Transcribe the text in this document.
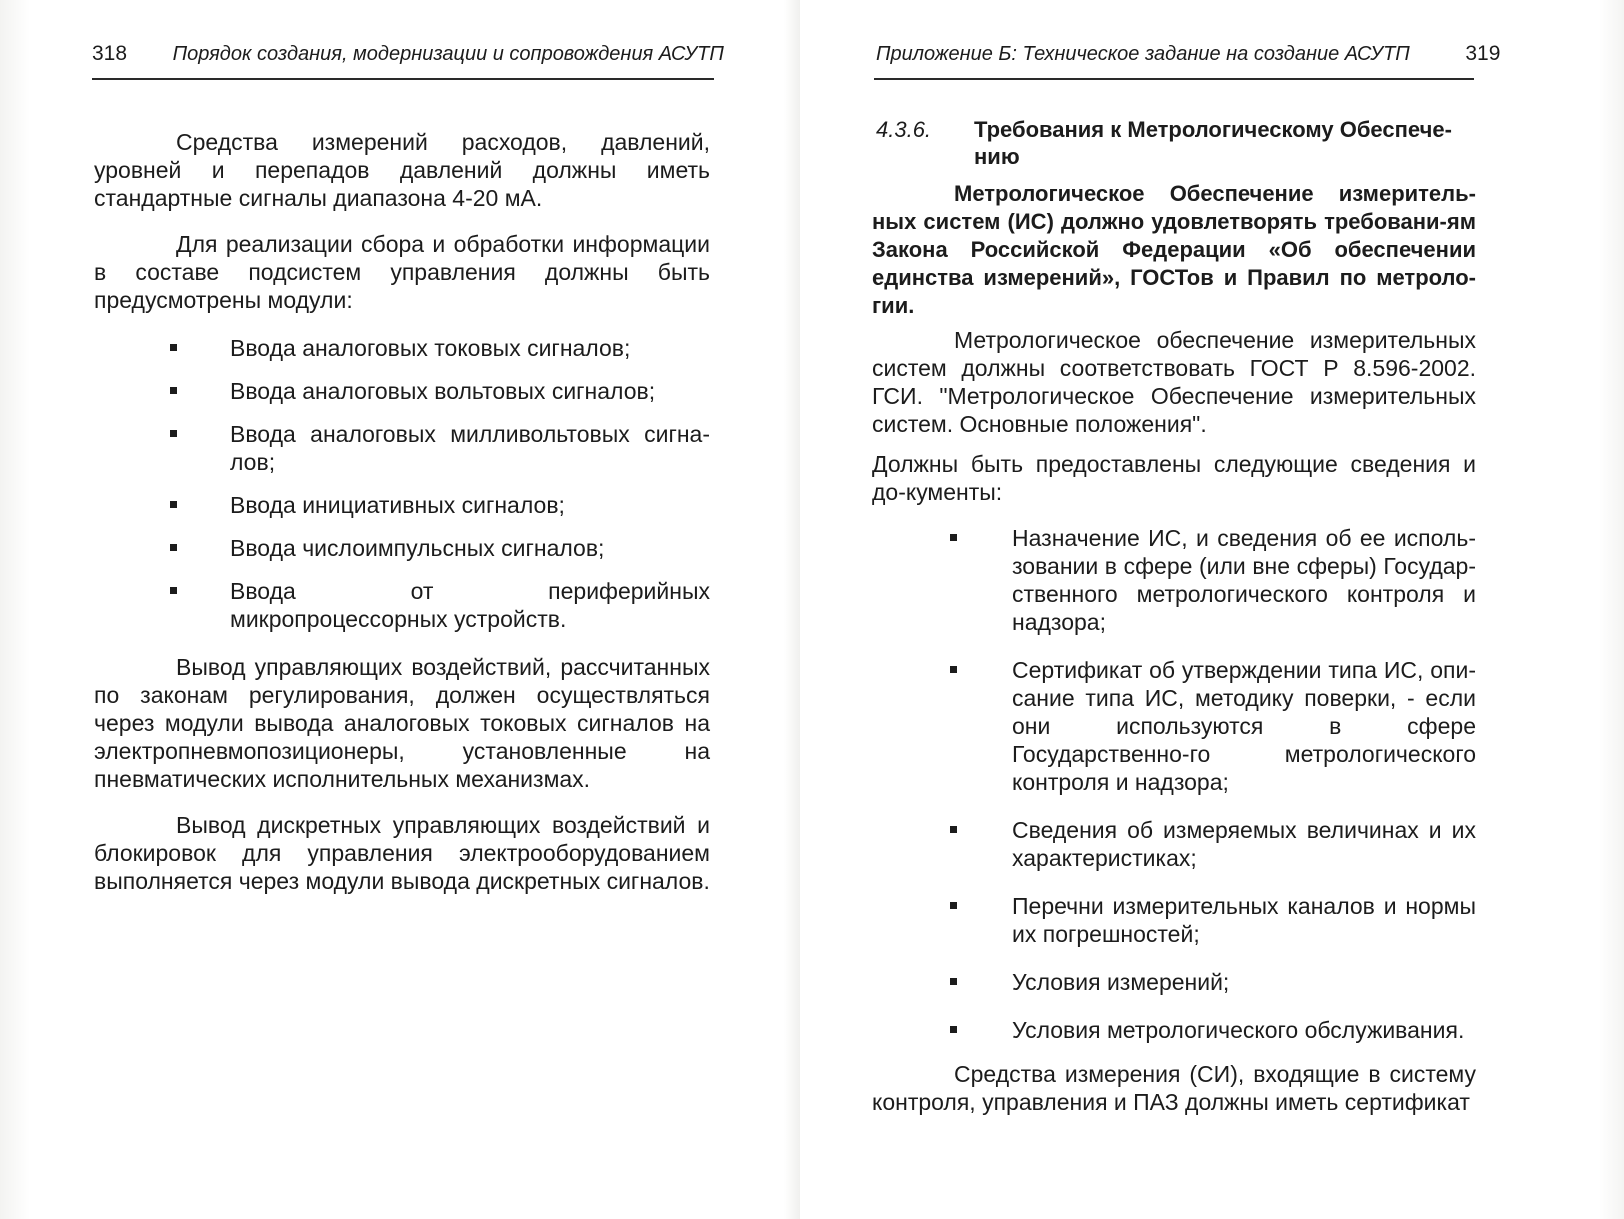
318 Порядок создания, модернизации и сопровождения АСУТП

Средства измерений расходов, давлений, уровней и перепадов давлений должны иметь стандартные сигналы диапазона 4-20 мА.

Для реализации сбора и обработки информации в составе подсистем управления должны быть предусмотрены модули:

Ввода аналоговых токовых сигналов;
Ввода аналоговых вольтовых сигналов;
Ввода аналоговых милливольтовых сигна-лов;
Ввода инициативных сигналов;
Ввода числоимпульсных сигналов;
Ввода от периферийных микропроцессорных устройств.

Вывод управляющих воздействий, рассчитанных по законам регулирования, должен осуществляться через модули вывода аналоговых токовых сигналов на электропневмопозиционеры, установленные на пневматических исполнительных механизмах.

Вывод дискретных управляющих воздействий и блокировок для управления электрооборудованием выполняется через модули вывода дискретных сигналов.

Приложение Б: Техническое задание на создание АСУТП	319
4.3.6. Требования к Метрологическому Обеспече-
нию
Метрологическое Обеспечение измеритель-ных систем (ИС) должно удовлетворять требовани-ям Закона Российской Федерации «Об обеспечении единства измерений», ГОСТов и Правил по метроло-гии.

Метрологическое обеспечение измерительных систем должны соответствовать ГОСТ Р 8.596-2002. ГСИ. "Метрологическое Обеспечение измерительных систем. Основные положения".

Должны быть предоставлены следующие сведения и до-кументы:

Назначение ИС, и сведения об ее исполь-зовании в сфере (или вне сферы) Государ-ственного метрологического контроля и надзора;
Сертификат об утверждении типа ИС, опи-сание типа ИС, методику поверки, - если они используются в сфере Государственно-го метрологического контроля и надзора;
Сведения об измеряемых величинах и их характеристиках;
Перечни измерительных каналов и нормы их погрешностей;
Условия измерений;
Условия метрологического обслуживания.

Средства измерения (СИ), входящие в систему контроля, управления и ПАЗ должны иметь сертификат
